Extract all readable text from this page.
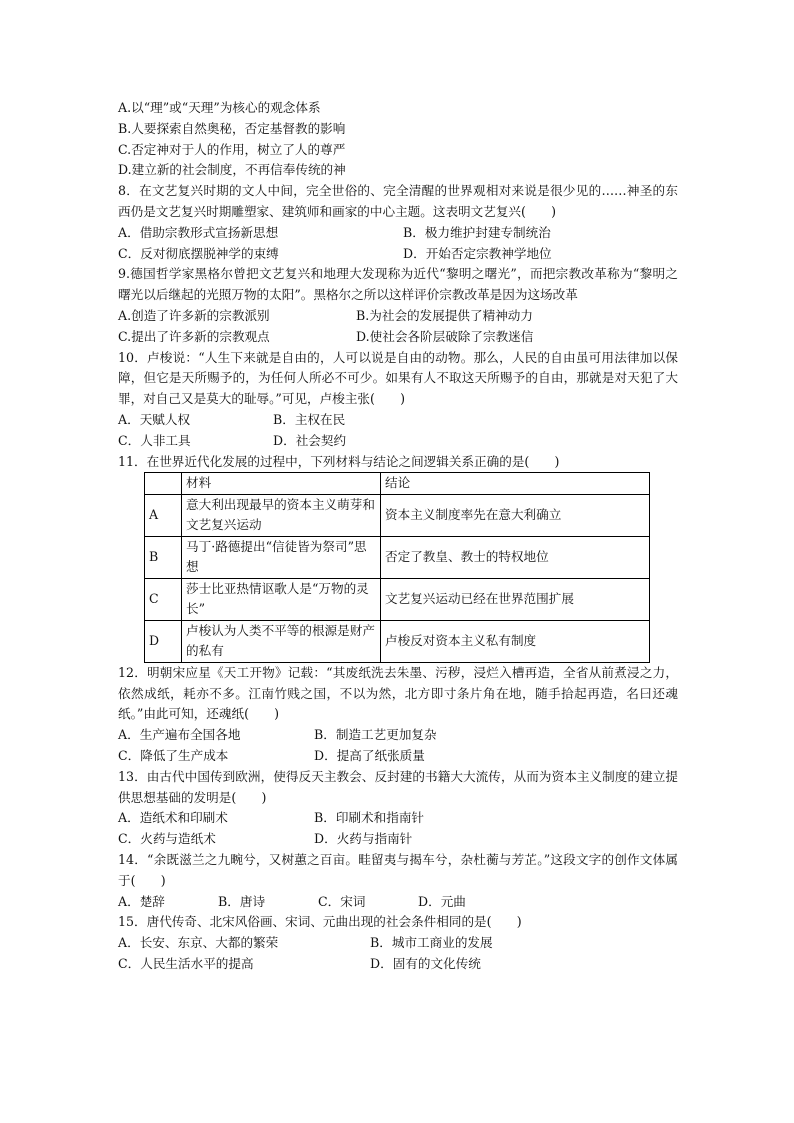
A.以“理”或“天理”为核心的观念体系
B.人要探索自然奥秘，否定基督教的影响
C.否定神对于人的作用，树立了人的尊严
D.建立新的社会制度，不再信奉传统的神
8．在文艺复兴时期的文人中间，完全世俗的、完全清醒的世界观相对来说是很少见的……神圣的东西仍是文艺复兴时期雕塑家、建筑师和画家的中心主题。这表明文艺复兴(　　)
A．借助宗教形式宣扬新思想	B．极力维护封建专制统治
C．反对彻底摆脱神学的束缚	D．开始否定宗教神学地位
9.德国哲学家黑格尔曾把文艺复兴和地理大发现称为近代“黎明之曙光”，而把宗教改革称为“黎明之曙光以后继起的光照万物的太阳”。黑格尔之所以这样评价宗教改革是因为这场改革
A.创造了许多新的宗教派别	B.为社会的发展提供了精神动力
C.提出了许多新的宗教观点	D.使社会各阶层破除了宗教迷信
10．卢梭说：“人生下来就是自由的，人可以说是自由的动物。那么，人民的自由虽可用法律加以保障，但它是天所赐予的，为任何人所必不可少。如果有人不取这天所赐予的自由，那就是对天犯了大罪，对自己又是莫大的耻辱。”可见，卢梭主张(　　)
A．天赋人权	B．主权在民
C．人非工具	D．社会契约
11．在世界近代化发展的过程中，下列材料与结论之间逻辑关系正确的是(　　)
	材料	结论
A	意大利出现最早的资本主义萌芽和文艺复兴运动	资本主义制度率先在意大利确立
B	马丁·路德提出“信徒皆为祭司”思想	否定了教皇、教士的特权地位
C	莎士比亚热情讴歌人是“万物的灵长”	文艺复兴运动已经在世界范围扩展
D	卢梭认为人类不平等的根源是财产的私有	卢梭反对资本主义私有制度
12．明朝宋应星《天工开物》记载：“其废纸洗去朱墨、污秽，浸烂入槽再造，全省从前煮浸之力，依然成纸，耗亦不多。江南竹贱之国，不以为然，北方即寸条片角在地，随手拾起再造，名曰还魂纸。”由此可知，还魂纸(　　)
A．生产遍布全国各地	B．制造工艺更加复杂
C．降低了生产成本	D．提高了纸张质量
13．由古代中国传到欧洲，使得反天主教会、反封建的书籍大大流传，从而为资本主义制度的建立提供思想基础的发明是(　　)
A．造纸术和印刷术	B．印刷术和指南针
C．火药与造纸术	D．火药与指南针
14．“余既滋兰之九畹兮，又树蕙之百亩。畦留夷与揭车兮，杂杜蘅与芳芷。”这段文字的创作文体属于(　　)
A．楚辞	B．唐诗	C．宋词	D．元曲
15．唐代传奇、北宋风俗画、宋词、元曲出现的社会条件相同的是(　　)
A．长安、东京、大都的繁荣	B．城市工商业的发展
C．人民生活水平的提高	D．固有的文化传统
